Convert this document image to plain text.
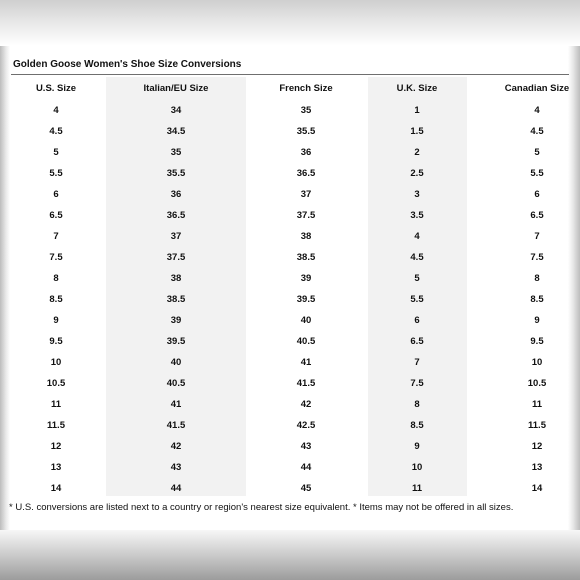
Golden Goose Women's Shoe Size Conversions
U.S. Size	Italian/EU Size	French Size	U.K. Size	Canadian Size
4	34	35	1	4
4.5	34.5	35.5	1.5	4.5
5	35	36	2	5
5.5	35.5	36.5	2.5	5.5
6	36	37	3	6
6.5	36.5	37.5	3.5	6.5
7	37	38	4	7
7.5	37.5	38.5	4.5	7.5
8	38	39	5	8
8.5	38.5	39.5	5.5	8.5
9	39	40	6	9
9.5	39.5	40.5	6.5	9.5
10	40	41	7	10
10.5	40.5	41.5	7.5	10.5
11	41	42	8	11
11.5	41.5	42.5	8.5	11.5
12	42	43	9	12
13	43	44	10	13
14	44	45	11	14
* U.S. conversions are listed next to a country or region's nearest size equivalent. * Items may not be offered in all sizes.
